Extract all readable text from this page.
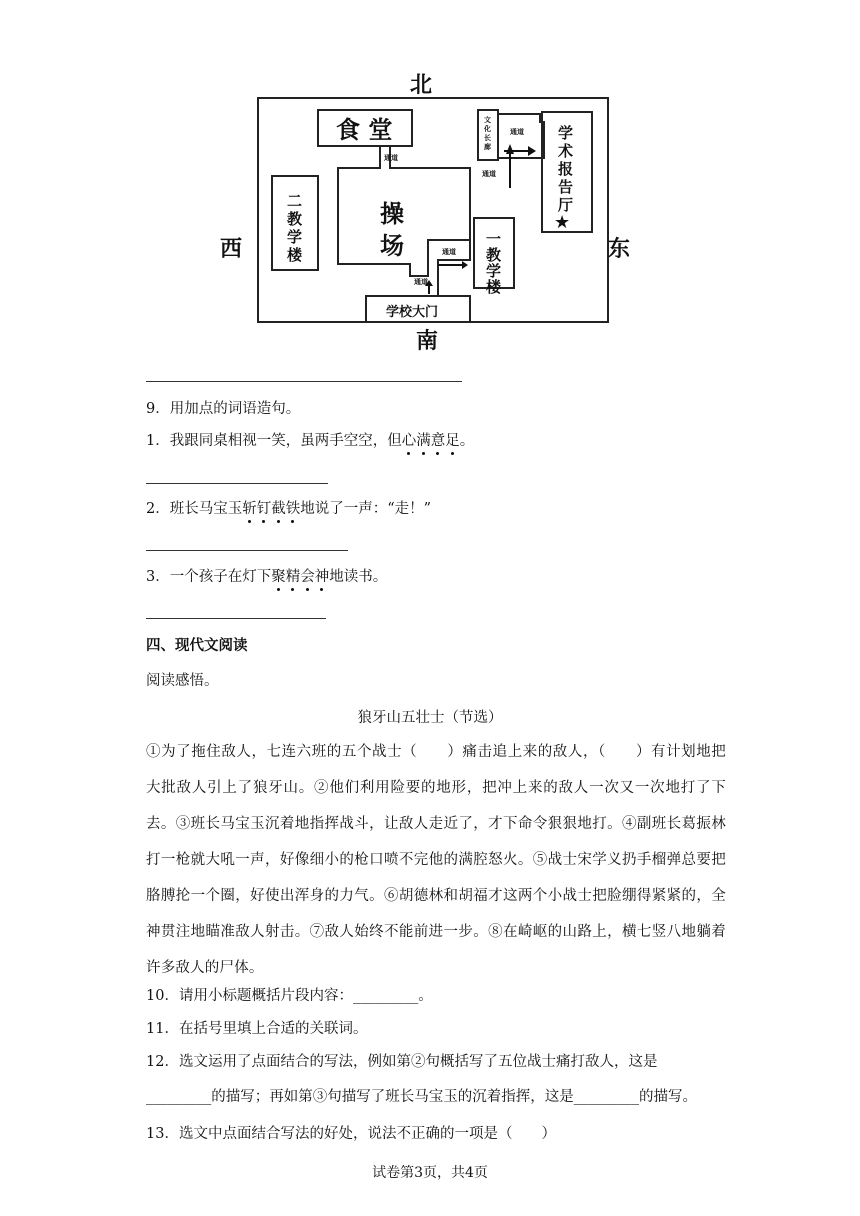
北
南
西	东
食 堂
操
场
二
教
学
楼
一
教
学
楼
学
术
报
告
厅
★
学校大门
文
化
长
廊
通道
通道
通道
通道
通道
9．用加点的词语造句。
1．我跟同桌相视一笑，虽两手空空，但心满意足。
2．班长马宝玉斩钉截铁地说了一声：“走！”
3．一个孩子在灯下聚精会神地读书。
四、现代文阅读
阅读感悟。
狼牙山五壮士（节选）
①为了拖住敌人，七连六班的五个战士（　　）痛击追上来的敌人，（　　）有计划地把大批敌人引上了狼牙山。②他们利用险要的地形，把冲上来的敌人一次又一次地打了下去。③班长马宝玉沉着地指挥战斗，让敌人走近了，才下命令狠狠地打。④副班长葛振林打一枪就大吼一声，好像细小的枪口喷不完他的满腔怒火。⑤战士宋学义扔手榴弹总要把胳膊抡一个圈，好使出浑身的力气。⑥胡德林和胡福才这两个小战士把脸绷得紧紧的，全神贯注地瞄准敌人射击。⑦敌人始终不能前进一步。⑧在崎岖的山路上，横七竖八地躺着许多敌人的尸体。
10．请用小标题概括片段内容：_________。
11．在括号里填上合适的关联词。
12．选文运用了点面结合的写法，例如第②句概括写了五位战士痛打敌人，这是
_________的描写；再如第③句描写了班长马宝玉的沉着指挥，这是_________的描写。
13．选文中点面结合写法的好处，说法不正确的一项是（　　）
试卷第3页，共4页
